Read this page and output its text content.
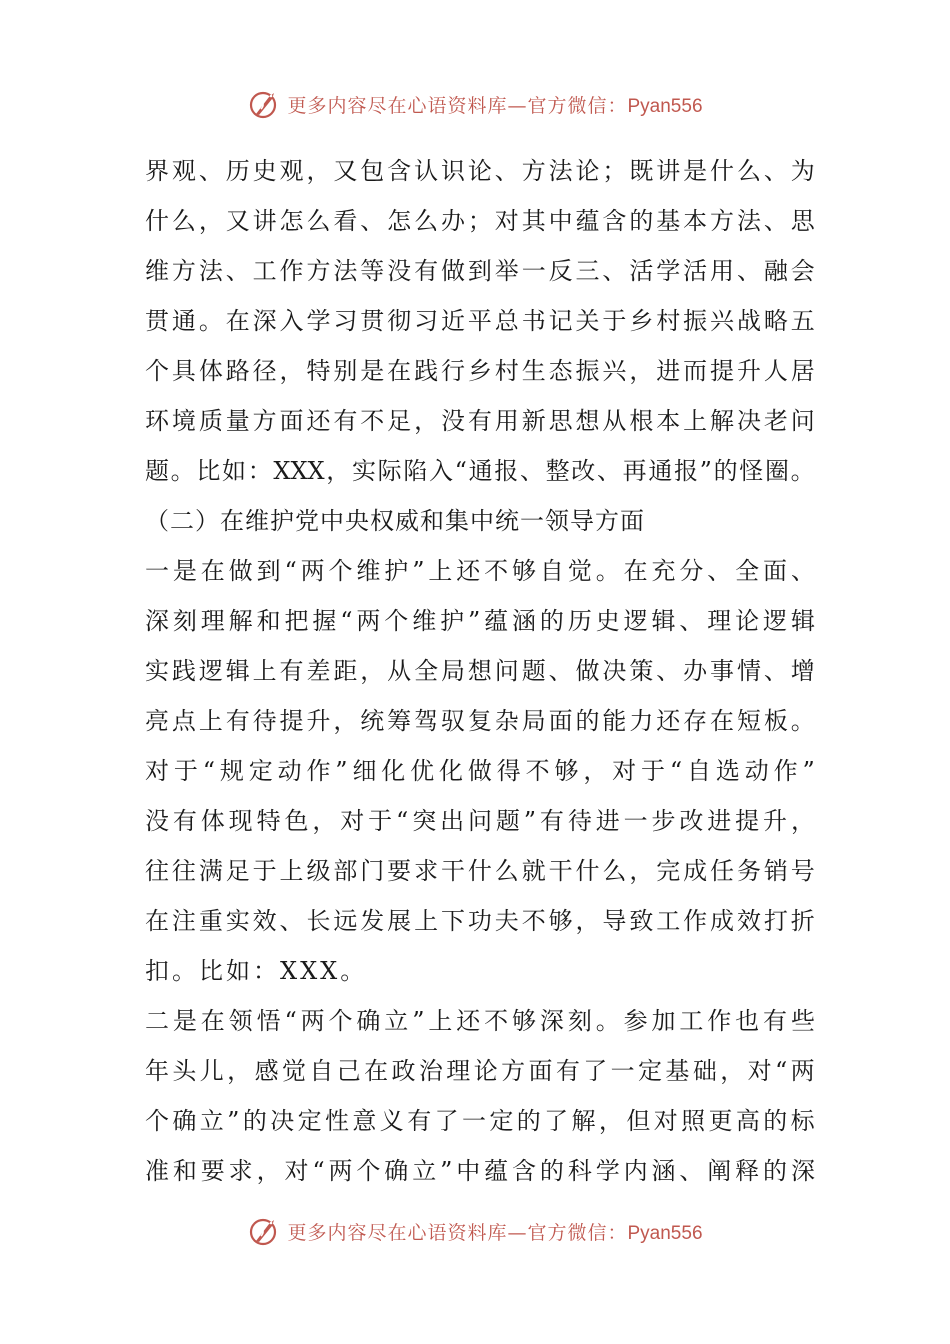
更多内容尽在心语资料库—官方微信：Pyan556
界 观 、 历 史 观 ， 又 包 含 认 识 论 、 方 法 论 ； 既 讲 是 什 么 、 为
什 么 ， 又 讲 怎 么 看 、 怎 么 办 ； 对 其 中 蕴 含 的 基 本 方 法 、 思
维 方 法 、 工 作 方 法 等 没 有 做 到 举 一 反 三 、 活 学 活 用 、 融 会
贯 通 。 在 深 入 学 习 贯 彻 习 近 平 总 书 记 关 于 乡 村 振 兴 战 略 五
个 具 体 路 径 ， 特 别 是 在 践 行 乡 村 生 态 振 兴 ， 进 而 提 升 人 居
环 境 质 量 方 面 还 有 不 足 ， 没 有 用 新 思 想 从 根 本 上 解 决 老 问
题 。 比 如 ： XXX ， 实 际 陷 入 “ 通 报 、 整 改 、 再 通 报 ” 的 怪 圈 。
（二）在维护党中央权威和集中统一领导方面
一 是 在 做 到 “ 两 个 维 护 ” 上 还 不 够 自 觉 。 在 充 分 、 全 面 、
深 刻 理 解 和 把 握 “ 两 个 维 护 ” 蕴 涵 的 历 史 逻 辑 、 理 论 逻 辑
实 践 逻 辑 上 有 差 距 ， 从 全 局 想 问 题 、 做 决 策 、 办 事 情 、 增
亮 点 上 有 待 提 升 ， 统 筹 驾 驭 复 杂 局 面 的 能 力 还 存 在 短 板 。
对 于 “ 规 定 动 作 ” 细 化 优 化 做 得 不 够 ， 对 于 “ 自 选 动 作 ”
没 有 体 现 特 色 ， 对 于 “ 突 出 问 题 ” 有 待 进 一 步 改 进 提 升 ，
往 往 满 足 于 上 级 部 门 要 求 干 什 么 就 干 什 么 ， 完 成 任 务 销 号
在 注 重 实 效 、 长 远 发 展 上 下 功 夫 不 够 ， 导 致 工 作 成 效 打 折
扣。比如：XXX。
二 是 在 领 悟 “ 两 个 确 立 ” 上 还 不 够 深 刻 。 参 加 工 作 也 有 些
年 头 儿 ， 感 觉 自 己 在 政 治 理 论 方 面 有 了 一 定 基 础 ， 对 “ 两
个 确 立 ” 的 决 定 性 意 义 有 了 一 定 的 了 解 ， 但 对 照 更 高 的 标
准 和 要 求 ， 对 “ 两 个 确 立 ” 中 蕴 含 的 科 学 内 涵 、 阐 释 的 深
更多内容尽在心语资料库—官方微信：Pyan556
